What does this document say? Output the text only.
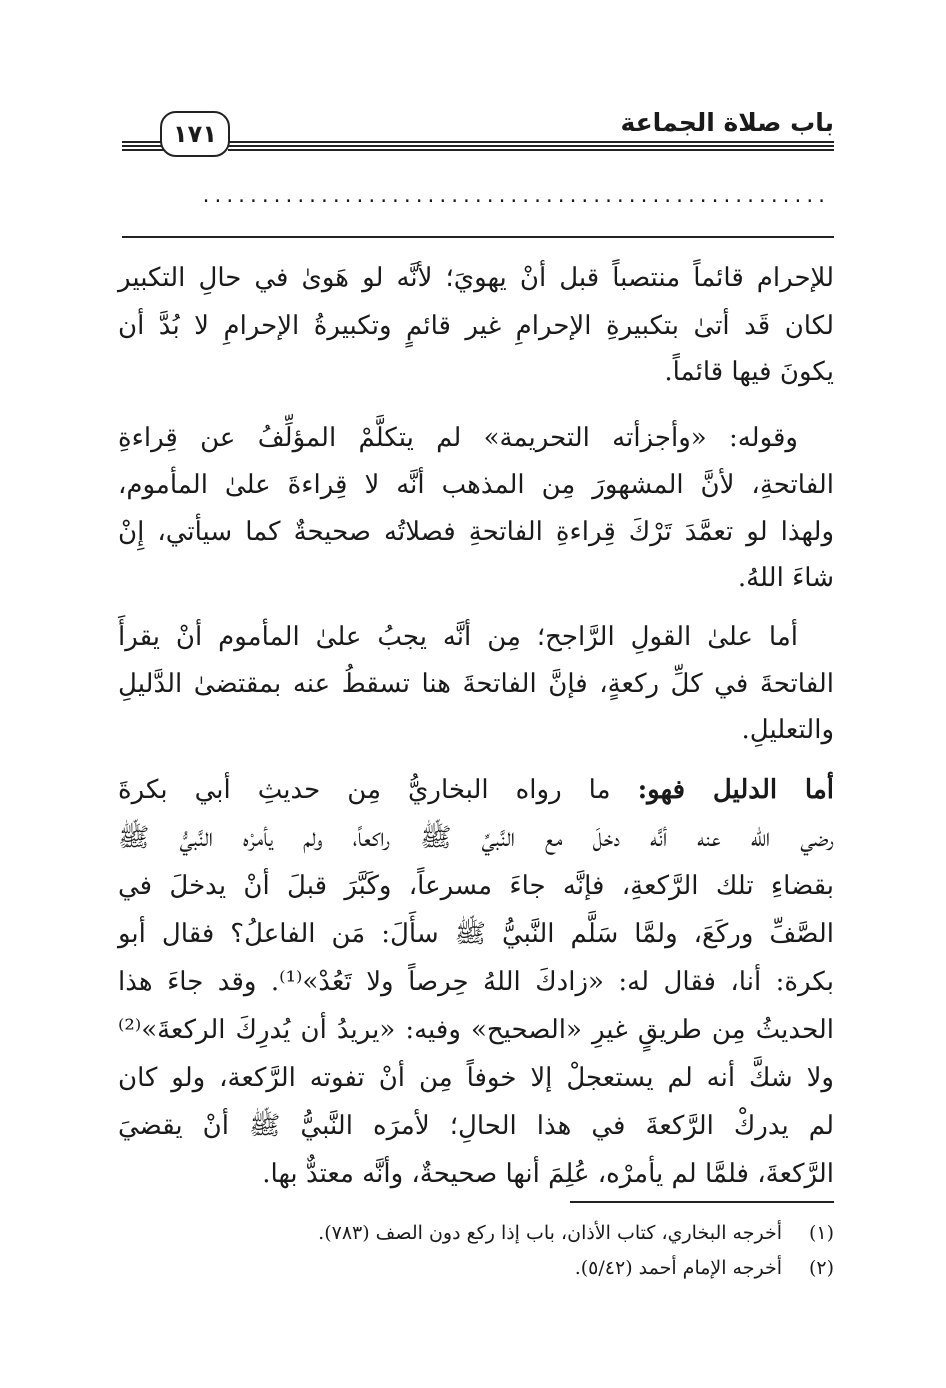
باب صلاة الجماعة
١٧١
.....................................................
للإحرام قائماً منتصباً قبل أنْ يهويَ؛ لأنَّه لو هَوىٰ في حالِ التكبير
لكان قَد أتىٰ بتكبيرةِ الإحرامِ غير قائمٍ وتكبيرةُ الإحرامِ لا بُدَّ أن
يكونَ فيها قائماً.
وقوله: «وأجزأته التحريمة» لم يتكلَّمْ المؤلِّفُ عن قِراءةِ
الفاتحةِ، لأنَّ المشهورَ مِن المذهب أنَّه لا قِراءةَ علىٰ المأموم،
ولهذا لو تعمَّدَ تَرْكَ قِراءةِ الفاتحةِ فصلاتُه صحيحةٌ كما سيأتي، إِنْ
شاءَ اللهُ.
أما علىٰ القولِ الرَّاجح؛ مِن أنَّه يجبُ علىٰ المأموم أنْ يقرأَ
الفاتحةَ في كلِّ ركعةٍ، فإنَّ الفاتحةَ هنا تسقطُ عنه بمقتضىٰ الدَّليلِ
والتعليلِ.
أما الدليل فهو: ما رواه البخاريُّ مِن حديثِ أبي بكرةَ
رضي الله عنه أنَّه دخلَ مع النَّبيِّ ﷺ راكعاً، ولم يأمرْه النَّبيُّ ﷺ
بقضاءِ تلك الرَّكعةِ، فإنَّه جاءَ مسرعاً، وكَبَّرَ قبلَ أنْ يدخلَ في
الصَّفِّ وركَعَ، ولمَّا سَلَّم النَّبيُّ ﷺ سأَلَ: مَن الفاعلُ؟ فقال أبو
بكرة: أنا، فقال له: «زادكَ اللهُ حِرصاً ولا تَعُدْ»⁽¹⁾. وقد جاءَ هذا
الحديثُ مِن طريقٍ غيرِ «الصحيح» وفيه: «يريدُ أن يُدرِكَ الركعةَ»⁽²⁾
ولا شكَّ أنه لم يستعجلْ إلا خوفاً مِن أنْ تفوته الرَّكعة، ولو كان
لم يدركْ الرَّكعةَ في هذا الحالِ؛ لأمرَه النَّبيُّ ﷺ أنْ يقضيَ
الرَّكعةَ، فلمَّا لم يأمرْه، عُلِمَ أنها صحيحةٌ، وأنَّه معتدٌّ بها.
(١)أخرجه البخاري، كتاب الأذان، باب إذا ركع دون الصف (٧٨٣).
(٢)أخرجه الإمام أحمد (٥/٤٢).
